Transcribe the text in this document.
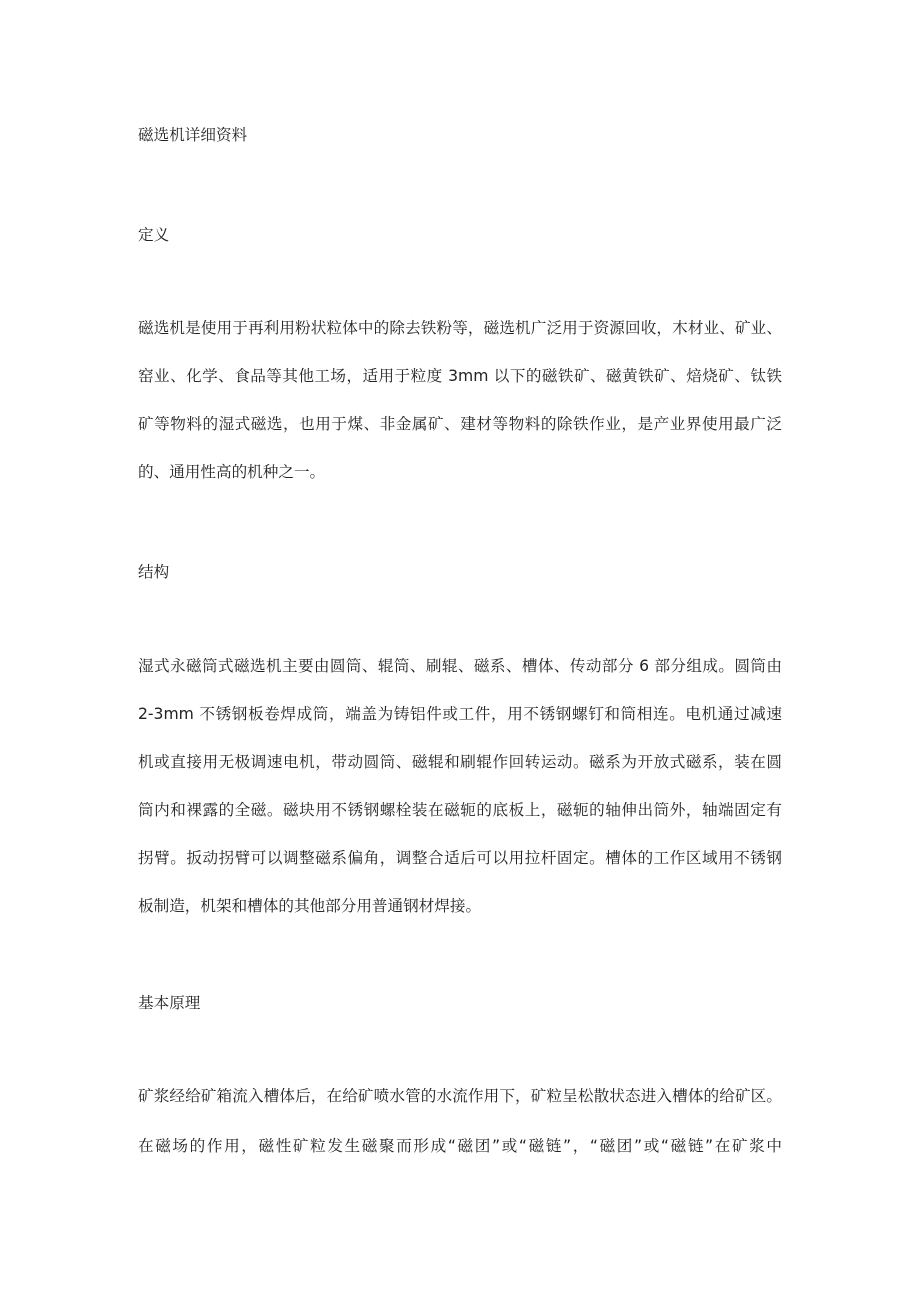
磁选机详细资料
定义
磁选机是使用于再利用粉状粒体中的除去铁粉等，磁选机广泛用于资源回收，木材业、矿业、
窑业、化学、食品等其他工场，适用于粒度 3mm 以下的磁铁矿、磁黄铁矿、焙烧矿、钛铁
矿等物料的湿式磁选，也用于煤、非金属矿、建材等物料的除铁作业，是产业界使用最广泛
的、通用性高的机种之一。
结构
湿式永磁筒式磁选机主要由圆筒、辊筒、刷辊、磁系、槽体、传动部分 6 部分组成。圆筒由
2-3mm 不锈钢板卷焊成筒，端盖为铸铝件或工件，用不锈钢螺钉和筒相连。电机通过减速
机或直接用无极调速电机，带动圆筒、磁辊和刷辊作回转运动。磁系为开放式磁系，装在圆
筒内和裸露的全磁。磁块用不锈钢螺栓装在磁轭的底板上，磁轭的轴伸出筒外，轴端固定有
拐臂。扳动拐臂可以调整磁系偏角，调整合适后可以用拉杆固定。槽体的工作区域用不锈钢
板制造，机架和槽体的其他部分用普通钢材焊接。
基本原理
矿浆经给矿箱流入槽体后，在给矿喷水管的水流作用下，矿粒呈松散状态进入槽体的给矿区。
在磁场的作用，磁性矿粒发生磁聚而形成“磁团”或“磁链”，“磁团”或“磁链”在矿浆中
